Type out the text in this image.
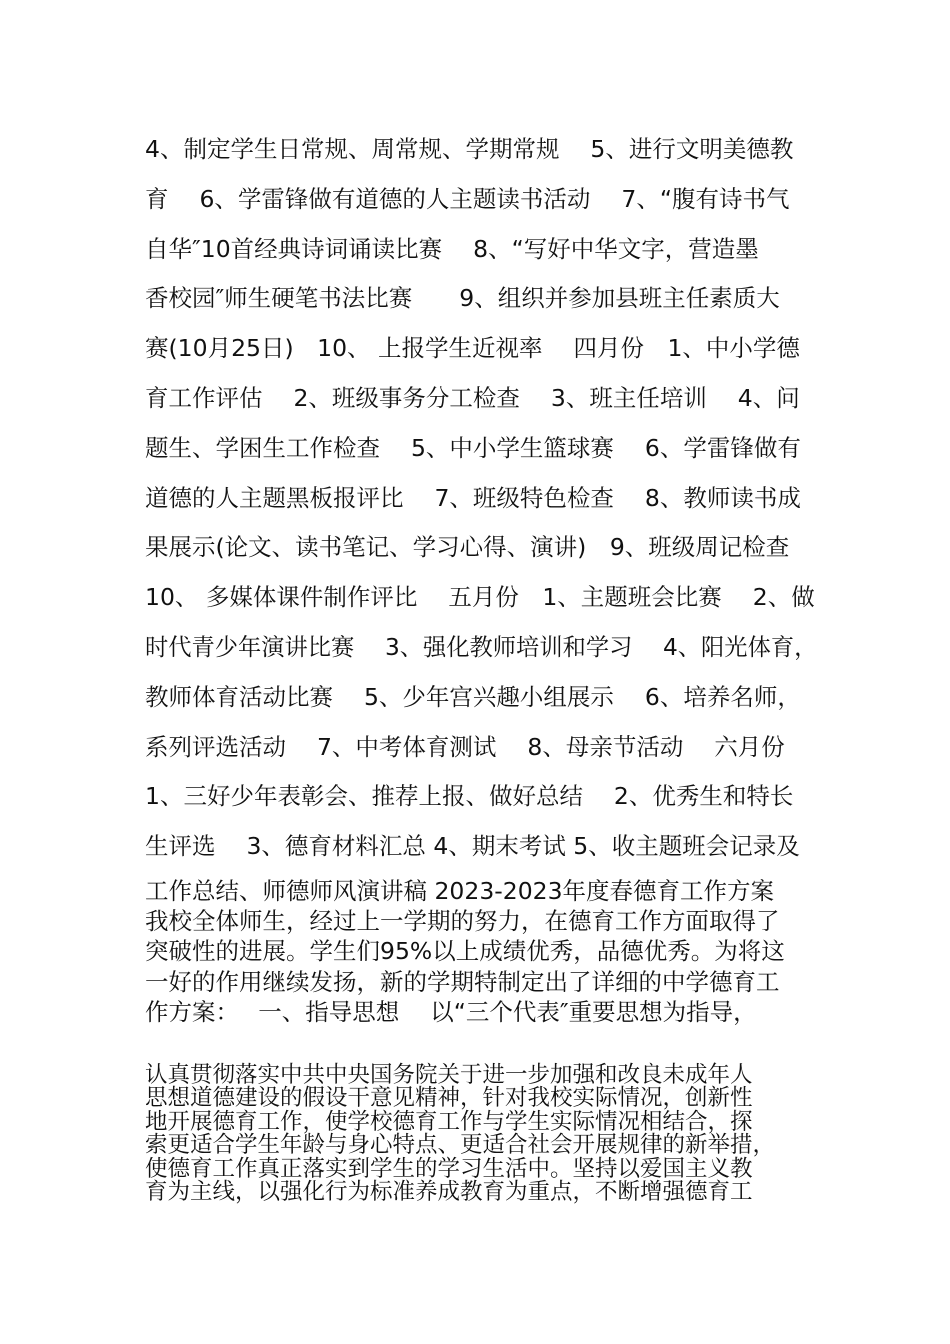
4、制定学生日常规、周常规、学期常规　 5、进行文明美德教
育　 6、学雷锋做有道德的人主题读书活动　 7、“腹有诗书气
自华″10首经典诗词诵读比赛　 8、“写好中华文字，营造墨
香校园″师生硬笔书法比赛　　9、组织并参加县班主任素质大
赛(10月25日)　10、 上报学生近视率　 四月份　1、中小学德
育工作评估　 2、班级事务分工检查　 3、班主任培训　 4、问
题生、学困生工作检查　 5、中小学生篮球赛　 6、学雷锋做有
道德的人主题黑板报评比　 7、班级特色检查　 8、教师读书成
果展示(论文、读书笔记、学习心得、演讲)　9、班级周记检查
10、 多媒体课件制作评比　 五月份　1、主题班会比赛　 2、做
时代青少年演讲比赛　 3、强化教师培训和学习　 4、阳光体育，
教师体育活动比赛　 5、少年宫兴趣小组展示　 6、培养名师，
系列评选活动　 7、中考体育测试　 8、母亲节活动　 六月份
1、三好少年表彰会、推荐上报、做好总结　 2、优秀生和特长
生评选　 3、德育材料汇总 4、期末考试 5、收主题班会记录及
工作总结、师德师风演讲稿 2023-2023年度春德育工作方案
我校全体师生，经过上一学期的努力，在德育工作方面取得了
突破性的进展。学生们95%以上成绩优秀，品德优秀。为将这
一好的作用继续发扬，新的学期特制定出了详细的中学德育工
作方案：　 一、指导思想　 以“三个代表″重要思想为指导，
认真贯彻落实中共中央国务院关于进一步加强和改良未成年人
思想道德建设的假设干意见精神，针对我校实际情况，创新性
地开展德育工作，使学校德育工作与学生实际情况相结合，探
索更适合学生年龄与身心特点、更适合社会开展规律的新举措，
使德育工作真正落实到学生的学习生活中。坚持以爱国主义教
育为主线，以强化行为标准养成教育为重点，不断增强德育工
